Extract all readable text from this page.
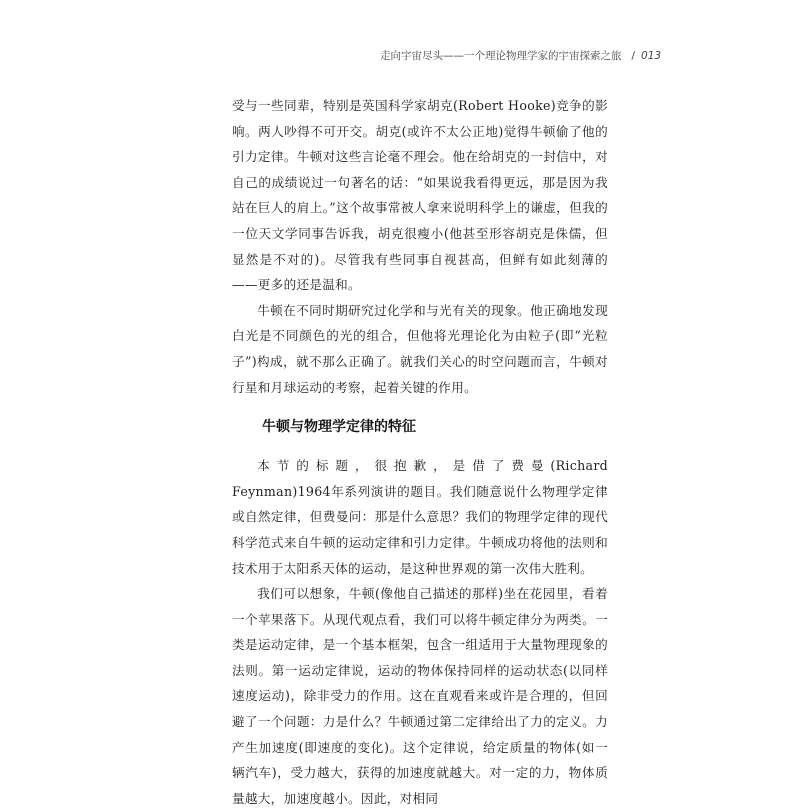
走向宇宙尽头——一个理论物理学家的宇宙探索之旅 / 013

受与一些同辈，特别是英国科学家胡克(Robert Hooke)竞争的影响。两人吵得不可开交。胡克(或许不太公正地)觉得牛顿偷了他的引力定律。牛顿对这些言论毫不理会。他在给胡克的一封信中，对自己的成绩说过一句著名的话：“如果说我看得更远，那是因为我站在巨人的肩上。”这个故事常被人拿来说明科学上的谦虚，但我的一位天文学同事告诉我，胡克很瘦小(他甚至形容胡克是侏儒，但显然是不对的)。尽管我有些同事自视甚高，但鲜有如此刻薄的——更多的还是温和。

牛顿在不同时期研究过化学和与光有关的现象。他正确地发现白光是不同颜色的光的组合，但他将光理论化为由粒子(即“光粒子”)构成，就不那么正确了。就我们关心的时空问题而言，牛顿对行星和月球运动的考察，起着关键的作用。

牛顿与物理学定律的特征

本节的标题，很抱歉，是借了费曼(Richard Feynman)1964年系列演讲的题目。我们随意说什么物理学定律或自然定律，但费曼问：那是什么意思？我们的物理学定律的现代科学范式来自牛顿的运动定律和引力定律。牛顿成功将他的法则和技术用于太阳系天体的运动，是这种世界观的第一次伟大胜利。

我们可以想象，牛顿(像他自己描述的那样)坐在花园里，看着一个苹果落下。从现代观点看，我们可以将牛顿定律分为两类。一类是运动定律，是一个基本框架，包含一组适用于大量物理现象的法则。第一运动定律说，运动的物体保持同样的运动状态(以同样速度运动)，除非受力的作用。这在直观看来或许是合理的，但回避了一个问题：力是什么？牛顿通过第二定律给出了力的定义。力产生加速度(即速度的变化)。这个定律说，给定质量的物体(如一辆汽车)，受力越大，获得的加速度就越大。对一定的力，物体质量越大，加速度越小。因此，对相同
